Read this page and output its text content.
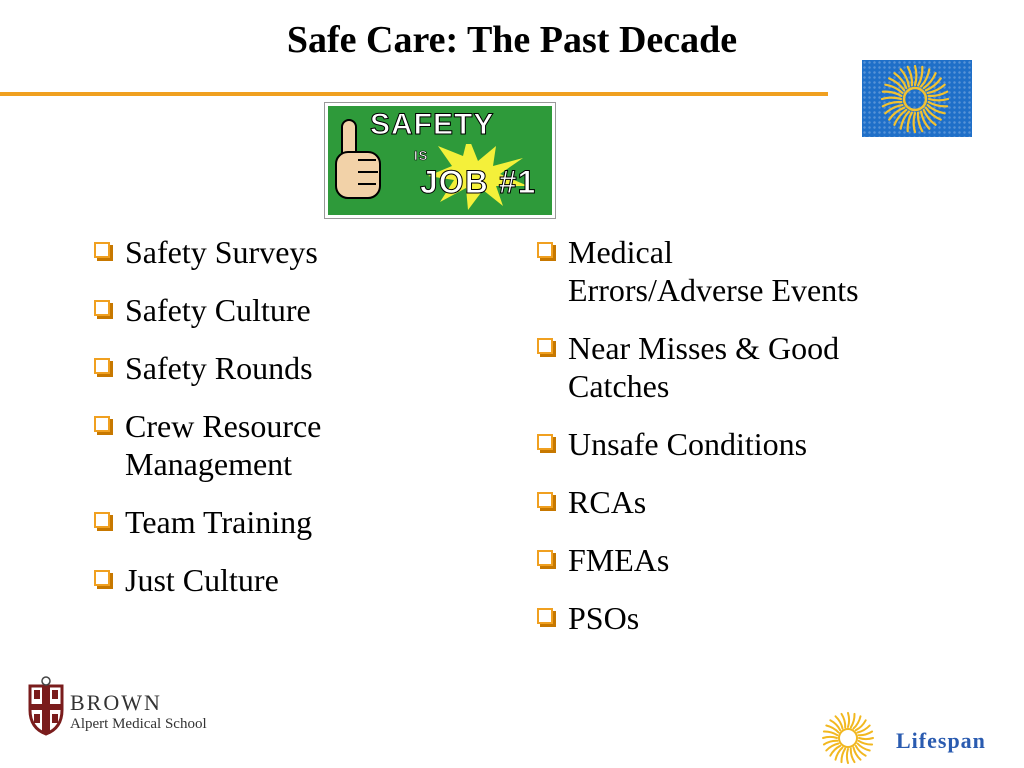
Safe Care: The Past Decade
SAFETY
IS
JOB #1
Safety Surveys
Safety Culture
Safety Rounds
Crew Resource
Management
Team Training
Just Culture
Medical
Errors/Adverse Events
Near Misses & Good
Catches
Unsafe Conditions
RCAs
FMEAs
PSOs
BROWN
Alpert Medical School
Lifespan
